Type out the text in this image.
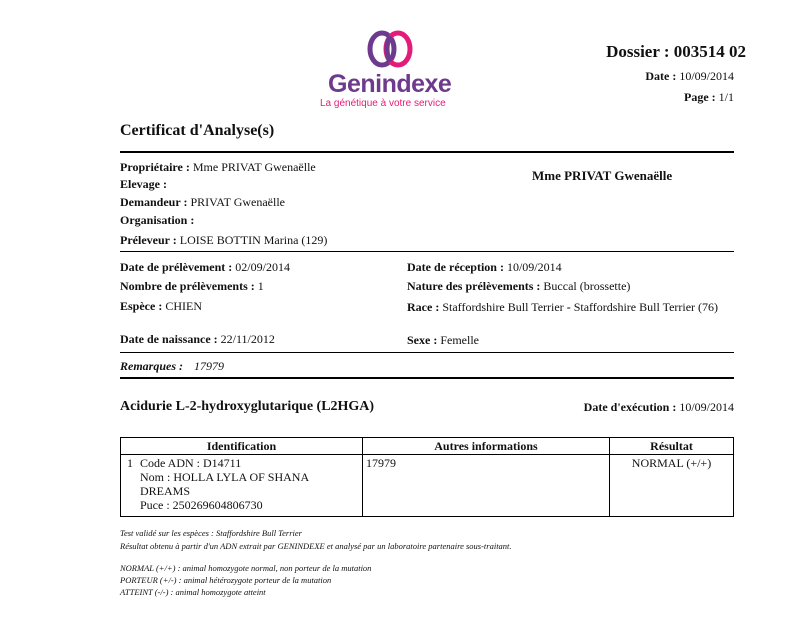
Genindexe
La génétique à votre service
Dossier : 003514 02
Date : 10/09/2014
Page : 1/1
Certificat d'Analyse(s)
Propriétaire : Mme PRIVAT Gwenaëlle
Elevage :
Demandeur : PRIVAT Gwenaëlle
Organisation :
Préleveur : LOISE BOTTIN Marina (129)
Mme PRIVAT Gwenaëlle
Date de prélèvement : 02/09/2014	Date de réception : 10/09/2014
Nombre de prélèvements : 1	Nature des prélèvements : Buccal (brossette)
Espèce : CHIEN	Race : Staffordshire Bull Terrier - Staffordshire Bull Terrier (76)
Date de naissance : 22/11/2012	Sexe : Femelle
Remarques : 17979
Acidurie L-2-hydroxyglutarique (L2HGA)	Date d'exécution : 10/09/2014
Identification	Autres informations	Résultat

1 Code ADN : D14711
Nom : HOLLA LYLA OF SHANA
DREAMS
Puce : 250269604806730	17979	NORMAL (+/+)
Test validé sur les espèces : Staffordshire Bull Terrier
Résultat obtenu à partir d'un ADN extrait par GENINDEXE et analysé par un laboratoire partenaire sous-traitant.
NORMAL (+/+) : animal homozygote normal, non porteur de la mutation
PORTEUR (+/-) : animal hétérozygote porteur de la mutation
ATTEINT (-/-) : animal homozygote atteint
